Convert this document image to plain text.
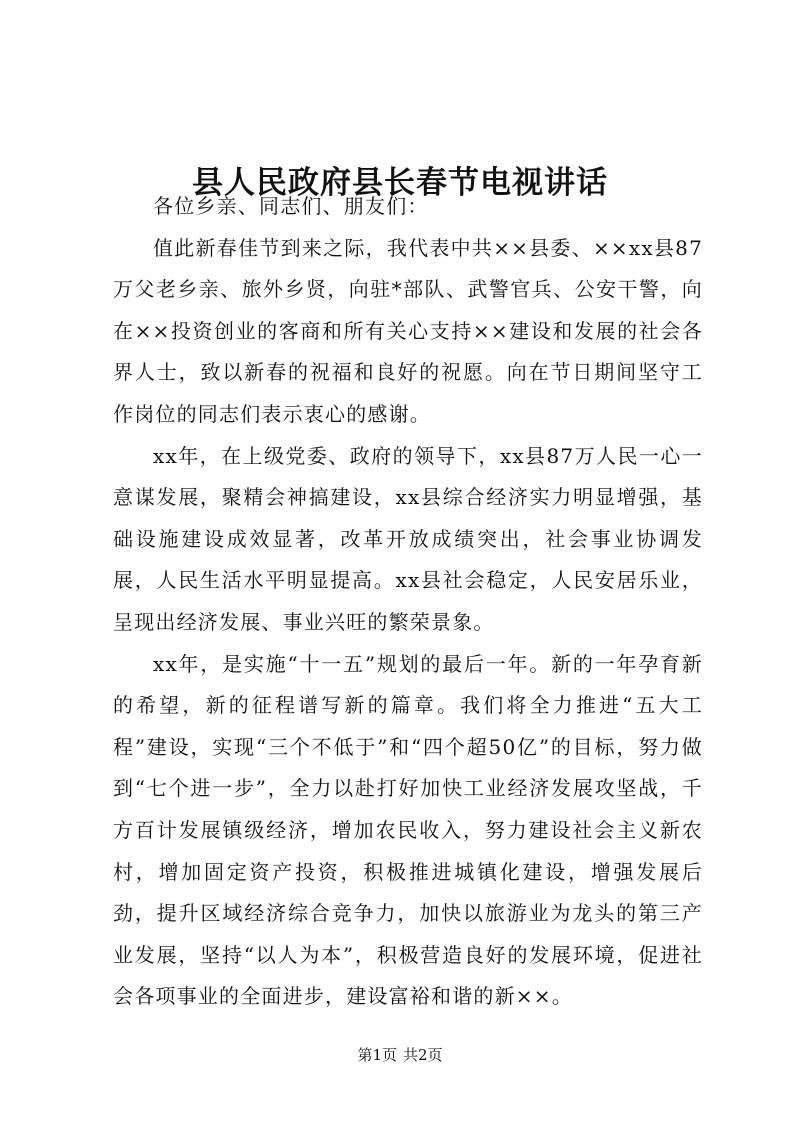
县人民政府县长春节电视讲话

各位乡亲、同志们、朋友们：

值此新春佳节到来之际，我代表中共××县委、××xx县87万父老乡亲、旅外乡贤，向驻*部队、武警官兵、公安干警，向在××投资创业的客商和所有关心支持××建设和发展的社会各界人士，致以新春的祝福和良好的祝愿。向在节日期间坚守工作岗位的同志们表示衷心的感谢。

xx年，在上级党委、政府的领导下，xx县87万人民一心一意谋发展，聚精会神搞建设，xx县综合经济实力明显增强，基础设施建设成效显著，改革开放成绩突出，社会事业协调发展，人民生活水平明显提高。xx县社会稳定，人民安居乐业，呈现出经济发展、事业兴旺的繁荣景象。

xx年，是实施“十一五”规划的最后一年。新的一年孕育新的希望，新的征程谱写新的篇章。我们将全力推进“五大工程”建设，实现“三个不低于”和“四个超50亿”的目标，努力做到“七个进一步”，全力以赴打好加快工业经济发展攻坚战，千方百计发展镇级经济，增加农民收入，努力建设社会主义新农村，增加固定资产投资，积极推进城镇化建设，增强发展后劲，提升区域经济综合竞争力，加快以旅游业为龙头的第三产业发展，坚持“以人为本”，积极营造良好的发展环境，促进社会各项事业的全面进步，建设富裕和谐的新××。

第1页 共2页
